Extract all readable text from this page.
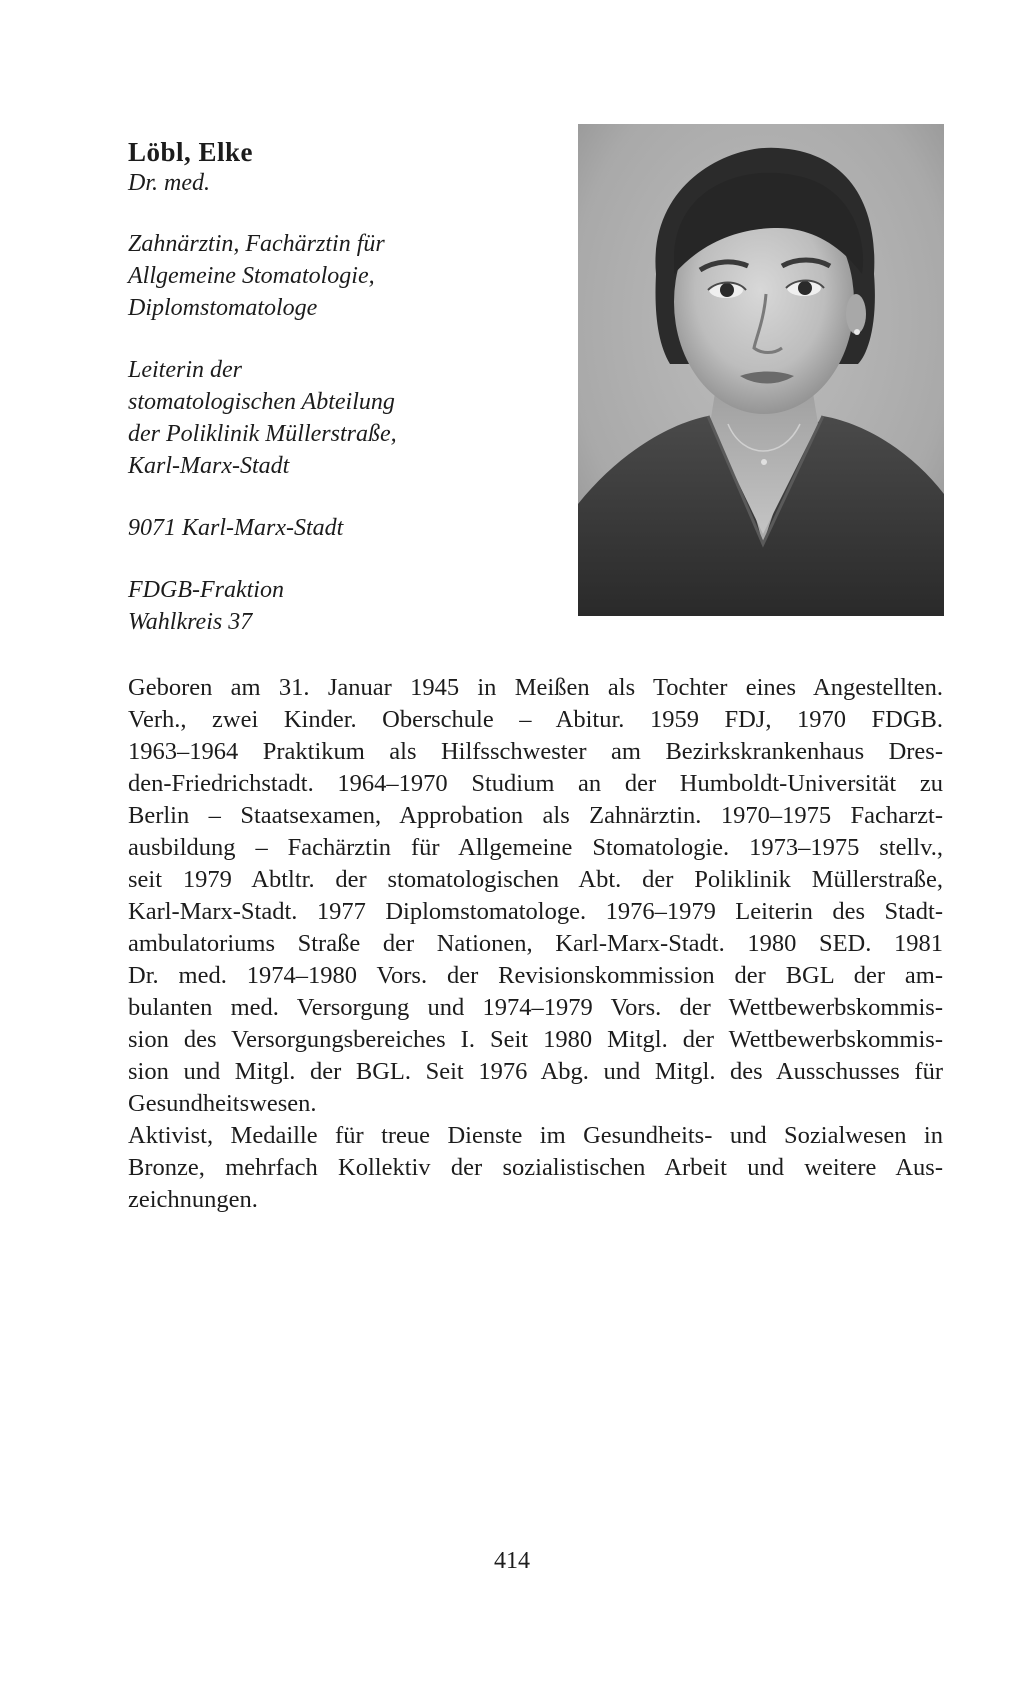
Löbl, Elke
Dr. med.
Zahnärztin, Fachärztin für
Allgemeine Stomatologie,
Diplomstomatologe
Leiterin der
stomatologischen Abteilung
der Poliklinik Müllerstraße,
Karl-Marx-Stadt
9071 Karl-Marx-Stadt
FDGB-Fraktion
Wahlkreis 37
Geboren am 31. Januar 1945 in Meißen als Tochter eines Angestellten.
Verh., zwei Kinder. Oberschule – Abitur. 1959 FDJ, 1970 FDGB.
1963–1964 Praktikum als Hilfsschwester am Bezirkskrankenhaus Dres-
den-Friedrichstadt. 1964–1970 Studium an der Humboldt-Universität zu
Berlin – Staatsexamen, Approbation als Zahnärztin. 1970–1975 Facharzt-
ausbildung – Fachärztin für Allgemeine Stomatologie. 1973–1975 stellv.,
seit 1979 Abtltr. der stomatologischen Abt. der Poliklinik Müllerstraße,
Karl-Marx-Stadt. 1977 Diplomstomatologe. 1976–1979 Leiterin des Stadt-
ambulatoriums Straße der Nationen, Karl-Marx-Stadt. 1980 SED. 1981
Dr. med. 1974–1980 Vors. der Revisionskommission der BGL der am-
bulanten med. Versorgung und 1974–1979 Vors. der Wettbewerbskommis-
sion des Versorgungsbereiches I. Seit 1980 Mitgl. der Wettbewerbskommis-
sion und Mitgl. der BGL. Seit 1976 Abg. und Mitgl. des Ausschusses für
Gesundheitswesen.
Aktivist, Medaille für treue Dienste im Gesundheits- und Sozialwesen in
Bronze, mehrfach Kollektiv der sozialistischen Arbeit und weitere Aus-
zeichnungen.
414
